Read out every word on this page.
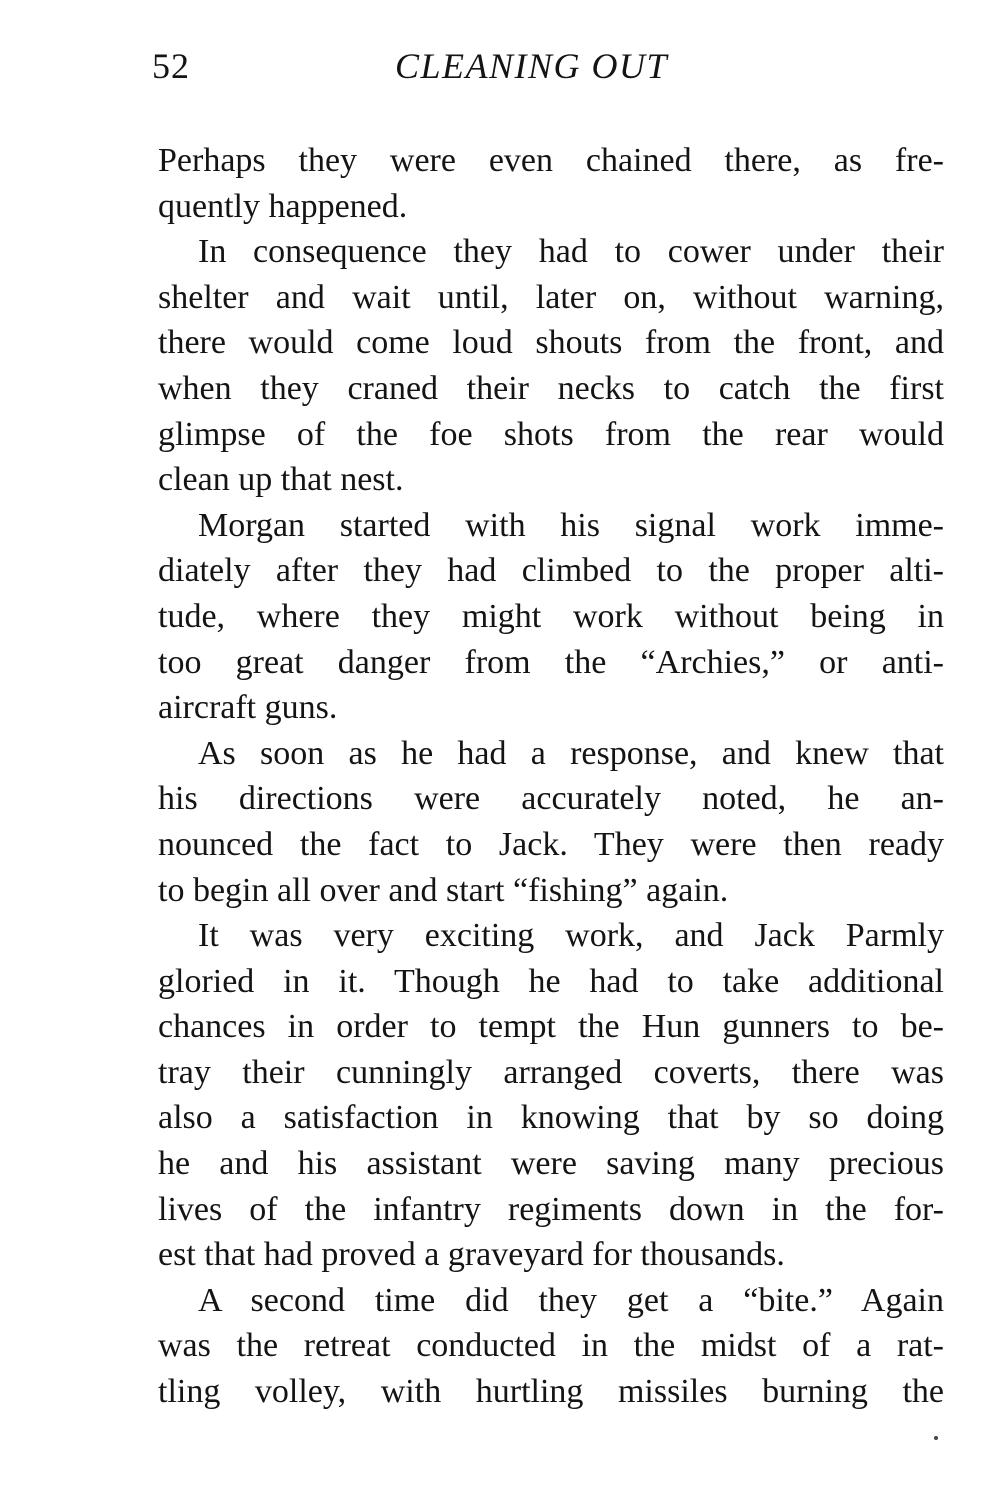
52	CLEANING OUT
Perhaps they were even chained there, as fre-
quently happened.
In consequence they had to cower under their
shelter and wait until, later on, without warning,
there would come loud shouts from the front, and
when they craned their necks to catch the first
glimpse of the foe shots from the rear would
clean up that nest.
Morgan started with his signal work imme-
diately after they had climbed to the proper alti-
tude, where they might work without being in
too great danger from the “Archies,” or anti-
aircraft guns.
As soon as he had a response, and knew that
his directions were accurately noted, he an-
nounced the fact to Jack. They were then ready
to begin all over and start “fishing” again.
It was very exciting work, and Jack Parmly
gloried in it. Though he had to take additional
chances in order to tempt the Hun gunners to be-
tray their cunningly arranged coverts, there was
also a satisfaction in knowing that by so doing
he and his assistant were saving many precious
lives of the infantry regiments down in the for-
est that had proved a graveyard for thousands.
A second time did they get a “bite.” Again
was the retreat conducted in the midst of a rat-
tling volley, with hurtling missiles burning the
